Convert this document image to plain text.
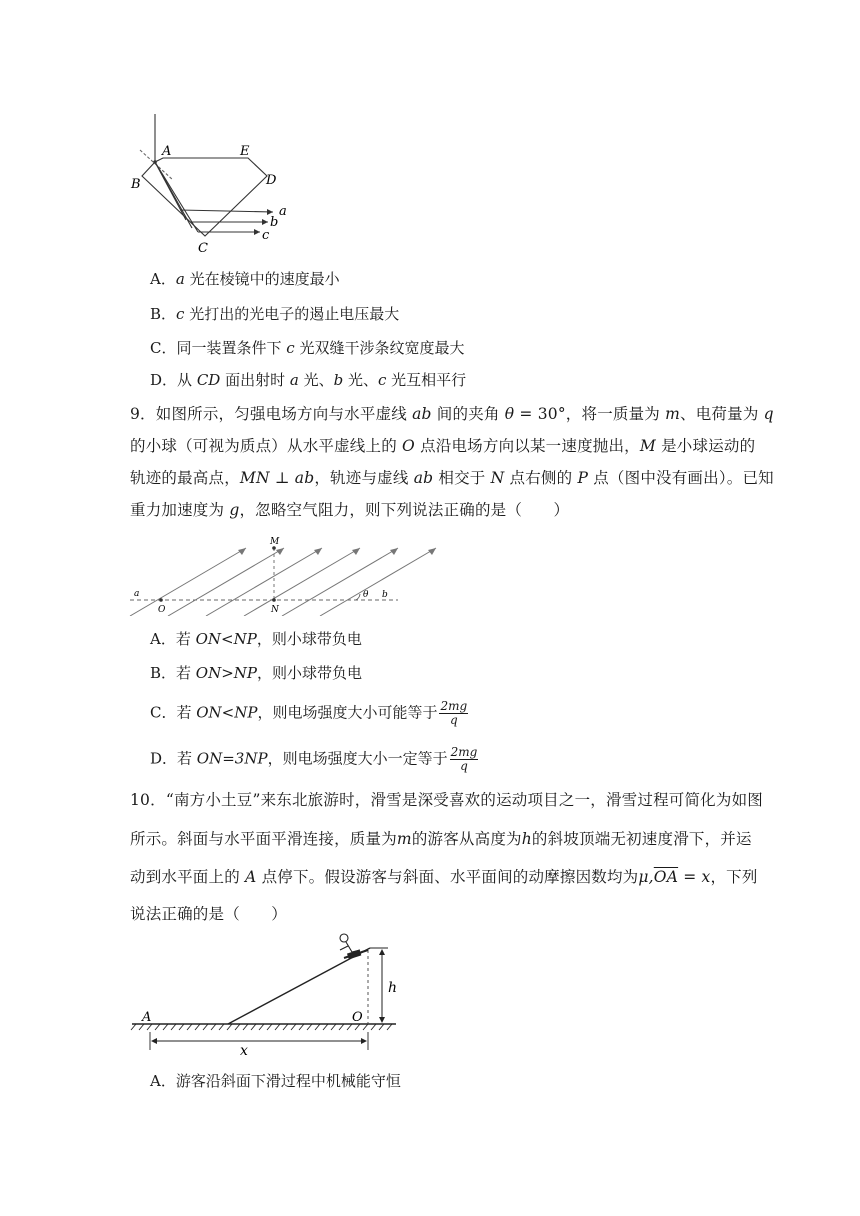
A	E
B	D
C
a
b
c
A．a 光在棱镜中的速度最小
B．c 光打出的光电子的遏止电压最大
C．同一装置条件下 c 光双缝干涉条纹宽度最大
D．从 CD 面出射时 a 光、b 光、c 光互相平行
9．如图所示，匀强电场方向与水平虚线 ab 间的夹角 θ = 30°，将一质量为 m、电荷量为 q
的小球（可视为质点）从水平虚线上的 O 点沿电场方向以某一速度抛出，M 是小球运动的
轨迹的最高点，MN ⊥ ab，轨迹与虚线 ab 相交于 N 点右侧的 P 点（图中没有画出）。已知
重力加速度为 g，忽略空气阻力，则下列说法正确的是（　　）
M
a
O	N
θ b
A．若 ON<NP，则小球带负电
B．若 ON>NP，则小球带负电
C．若 ON<NP，则电场强度大小可能等于 $\frac{2mg}{q}$
D．若 ON=3NP，则电场强度大小一定等于 $\frac{2mg}{q}$
10．“南方小土豆”来东北旅游时，滑雪是深受喜欢的运动项目之一，滑雪过程可简化为如图
所示。斜面与水平面平滑连接，质量为m的游客从高度为h的斜坡顶端无初速度滑下，并运
动到水平面上的 A 点停下。假设游客与斜面、水平面间的动摩擦因数均为$\mu,\overline{OA} = x$，下列
说法正确的是（　　）
A	O
h
x
A．游客沿斜面下滑过程中机械能守恒
